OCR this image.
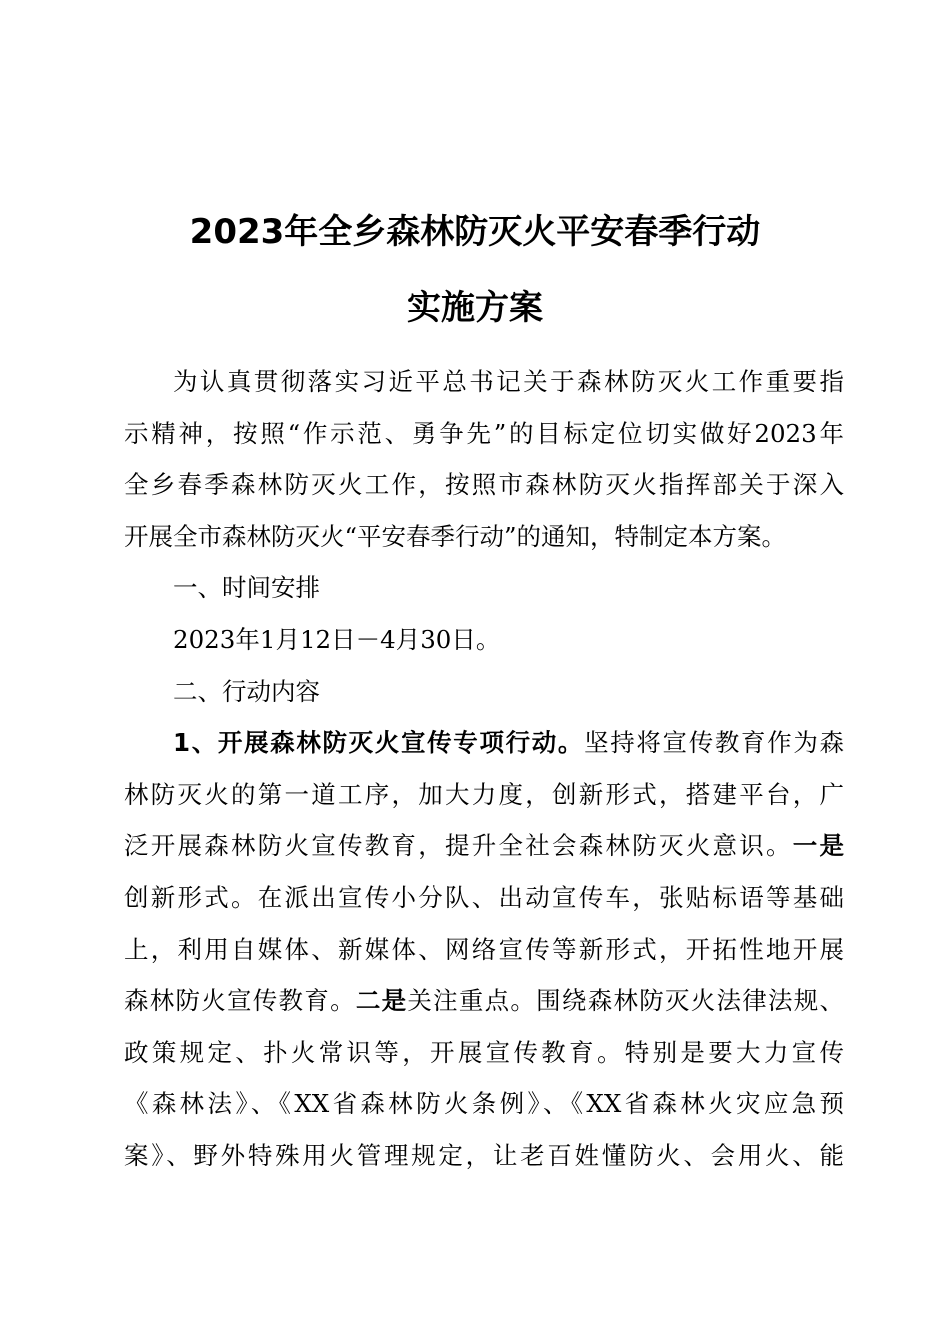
2023年全乡森林防灭火平安春季行动
实施方案
为认真贯彻落实习近平总书记关于森林防灭火工作重要指
示精神，按照“作示范、勇争先”的目标定位切实做好2023年
全乡春季森林防灭火工作，按照市森林防灭火指挥部关于深入
开展全市森林防灭火“平安春季行动”的通知，特制定本方案。
一、时间安排
2023年1月12日－4月30日。
二、行动内容
1、开展森林防灭火宣传专项行动。坚持将宣传教育作为森
林防灭火的第一道工序，加大力度，创新形式，搭建平台，广
泛开展森林防火宣传教育，提升全社会森林防灭火意识。一是
创新形式。在派出宣传小分队、出动宣传车，张贴标语等基础
上，利用自媒体、新媒体、网络宣传等新形式，开拓性地开展
森林防火宣传教育。二是关注重点。围绕森林防灭火法律法规、
政策规定、扑火常识等，开展宣传教育。特别是要大力宣传
《森林法》、《XX省森林防火条例》、《XX省森林火灾应急预
案》、野外特殊用火管理规定，让老百姓懂防火、会用火、能
